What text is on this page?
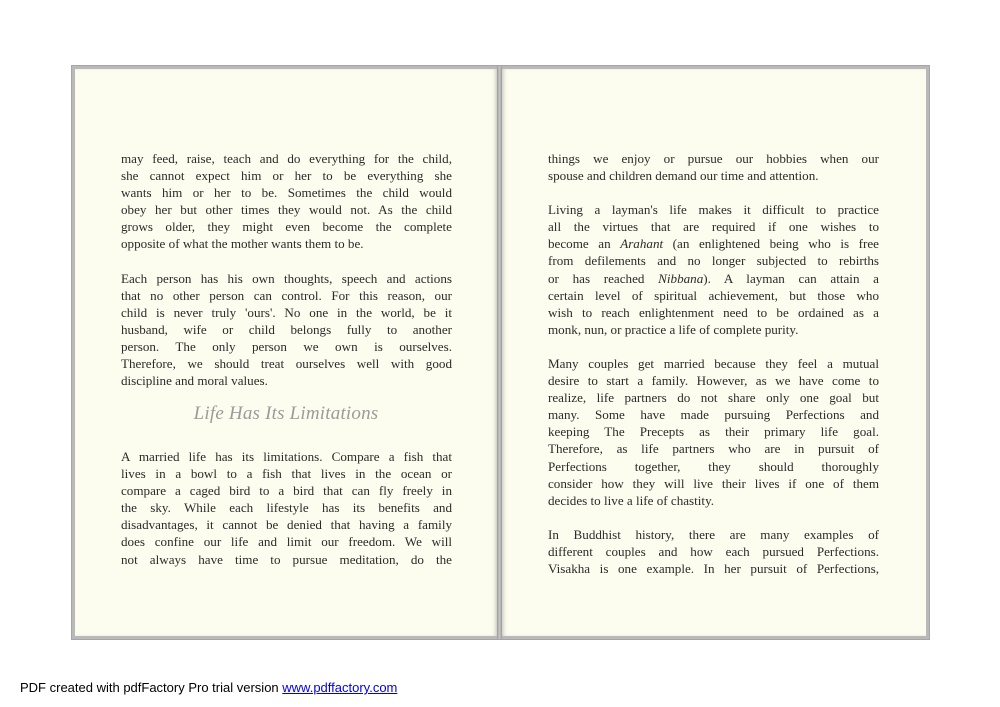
may feed, raise, teach and do everything for the child,
she cannot expect him or her to be everything she
wants him or her to be. Sometimes the child would
obey her but other times they would not. As the child
grows older, they might even become the complete
opposite of what the mother wants them to be.
Each person has his own thoughts, speech and actions
that no other person can control. For this reason, our
child is never truly 'ours'. No one in the world, be it
husband, wife or child belongs fully to another
person. The only person we own is ourselves.
Therefore, we should treat ourselves well with good
discipline and moral values.
Life Has Its Limitations
A married life has its limitations. Compare a fish that
lives in a bowl to a fish that lives in the ocean or
compare a caged bird to a bird that can fly freely in
the sky. While each lifestyle has its benefits and
disadvantages, it cannot be denied that having a family
does confine our life and limit our freedom. We will
not always have time to pursue meditation, do the
things we enjoy or pursue our hobbies when our
spouse and children demand our time and attention.
Living a layman's life makes it difficult to practice
all the virtues that are required if one wishes to
become an Arahant (an enlightened being who is free
from defilements and no longer subjected to rebirths
or has reached Nibbana). A layman can attain a
certain level of spiritual achievement, but those who
wish to reach enlightenment need to be ordained as a
monk, nun, or practice a life of complete purity.
Many couples get married because they feel a mutual
desire to start a family. However, as we have come to
realize, life partners do not share only one goal but
many. Some have made pursuing Perfections and
keeping The Precepts as their primary life goal.
Therefore, as life partners who are in pursuit of
Perfections together, they should thoroughly
consider how they will live their lives if one of them
decides to live a life of chastity.
In Buddhist history, there are many examples of
different couples and how each pursued Perfections.
Visakha is one example. In her pursuit of Perfections,
PDF created with pdfFactory Pro trial version www.pdffactory.com
